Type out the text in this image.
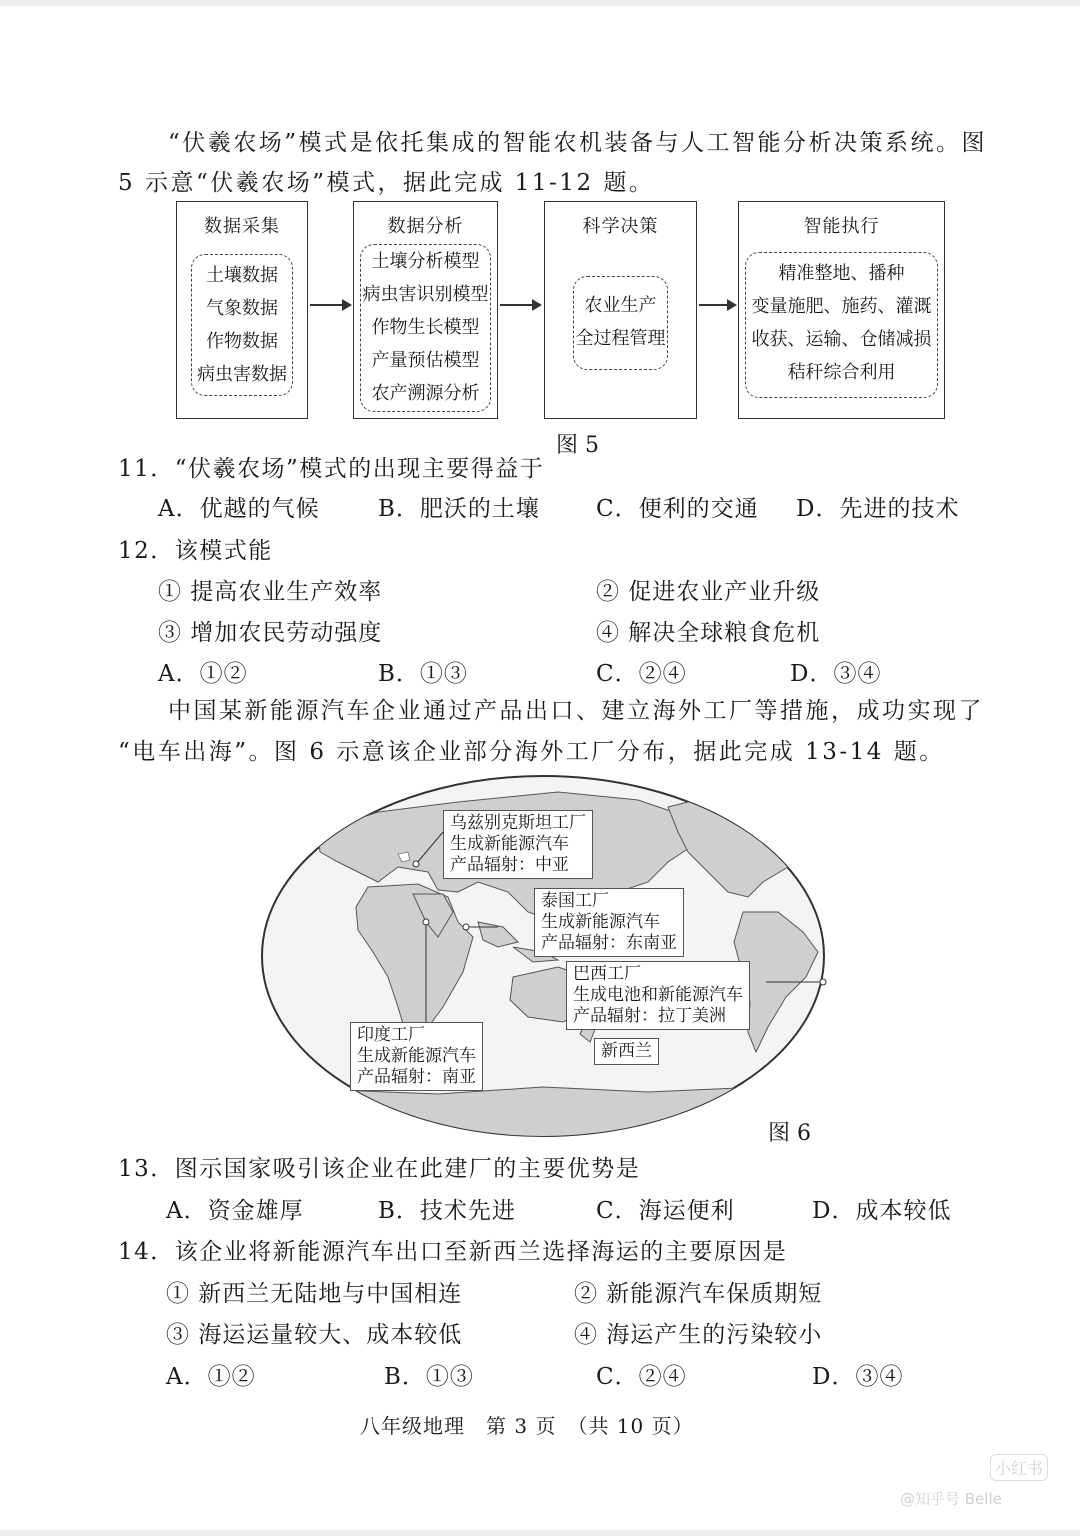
“伏羲农场”模式是依托集成的智能农机装备与人工智能分析决策系统。图
5 示意“伏羲农场”模式，据此完成 11-12 题。
数据采集
土壤数据
气象数据
作物数据
病虫害数据
数据分析
土壤分析模型
病虫害识别模型
作物生长模型
产量预估模型
农产溯源分析
科学决策
农业生产
全过程管理
智能执行
精准整地、播种
变量施肥、施药、灌溉
收获、运输、仓储减损
秸秆综合利用
图 5
11．“伏羲农场”模式的出现主要得益于
A．优越的气候	B．肥沃的土壤 C．便利的交通 D．先进的技术
12．该模式能
① 提高农业生产效率	② 促进农业产业升级
③ 增加农民劳动强度	④ 解决全球粮食危机
A．①②	B．①③	C．②④	D．③④
中国某新能源汽车企业通过产品出口、建立海外工厂等措施，成功实现了
“电车出海”。图 6 示意该企业部分海外工厂分布，据此完成 13-14 题。
乌兹别克斯坦工厂
生成新能源汽车
产品辐射：中亚
泰国工厂
生成新能源汽车
产品辐射：东南亚
巴西工厂
生成电池和新能源汽车
产品辐射：拉丁美洲
印度工厂
生成新能源汽车
产品辐射：南亚
新西兰
图 6
13．图示国家吸引该企业在此建厂的主要优势是
A．资金雄厚	B．技术先进	C．海运便利	D．成本较低
14．该企业将新能源汽车出口至新西兰选择海运的主要原因是
① 新西兰无陆地与中国相连	② 新能源汽车保质期短
③ 海运运量较大、成本较低	④ 海运产生的污染较小
A．①②	B．①③	C．②④	D．③④
八年级地理　第 3 页　（共 10 页）
小红书
@知乎号 Belle
